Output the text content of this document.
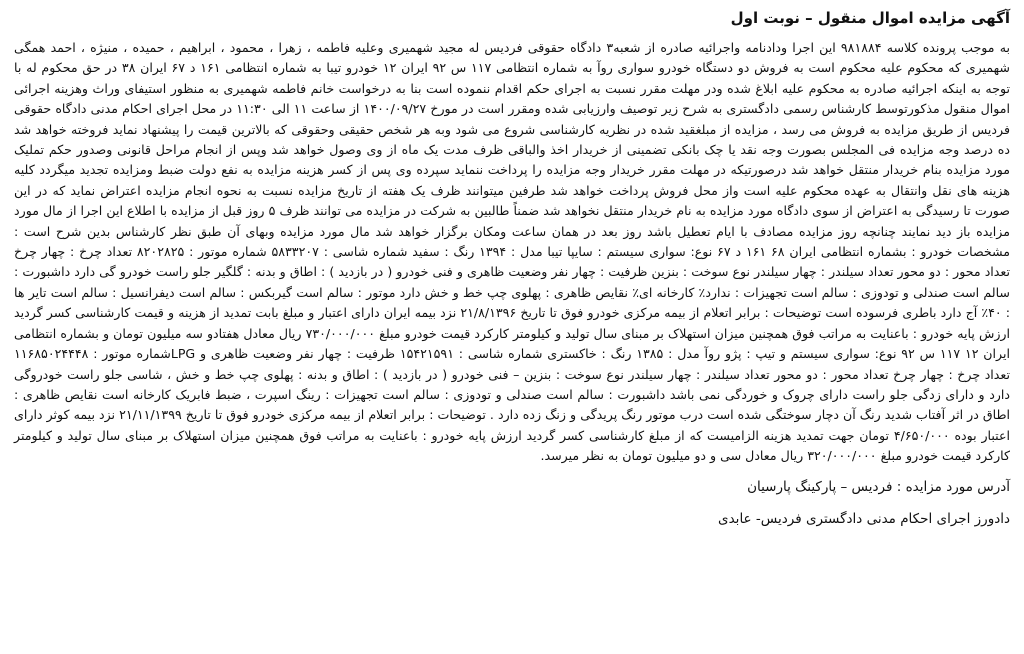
آگهی مزایده اموال منقول – نوبت اول

به موجب پرونده کلاسه ۹۸۱۸۸۴ این اجرا ودادنامه واجرائیه صادره از شعبه۳ دادگاه حقوقی فردیس له مجید شهمیری وعلیه فاطمه ، زهرا ، محمود ، ابراهیم ، حمیده ، منیژه ، احمد همگی شهمیری که محکوم علیه محکوم است به فروش دو دستگاه خودرو سواری روآ به شماره انتظامی ۱۱۷ س ۹۲ ایران ۱۲ خودرو تیبا به شماره انتظامی ۱۶۱ د ۶۷ ایران ۳۸ در حق محکوم له با توجه به اینکه اجرائیه صادره به محکوم علیه ابلاغ شده ودر مهلت مقرر نسبت به اجرای حکم اقدام ننموده است بنا به درخواست خانم فاطمه شهمیری به منظور استیفای وراث وهزینه اجرائی اموال منقول مذکورتوسط کارشناس رسمی دادگستری به شرح زیر توصیف وارزیابی شده ومقرر است در مورخ ۱۴۰۰/۰۹/۲۷ از ساعت ۱۱ الی ۱۱:۳۰ در محل اجرای احکام مدنی دادگاه حقوقی فردیس از طریق مزایده به فروش می رسد ، مزایده از مبلغقید شده در نظریه کارشناسی شروع می شود وبه هر شخص حقیقی وحقوقی که بالاترین قیمت را پیشنهاد نماید فروخته خواهد شد ده درصد وجه مزایده فی المجلس بصورت وجه نقد یا چک بانکی تضمینی از خریدار اخذ والباقی ظرف مدت یک ماه از وی وصول خواهد شد وپس از انجام مراحل قانونی وصدور حکم تملیک مورد مزایده بنام خریدار منتقل خواهد شد درصورتیکه در مهلت مقرر خریدار وجه مزایده را پرداخت ننماید سپرده وی پس از کسر هزینه مزایده به نفع دولت ضبط ومزایده تجدید میگردد کلیه هزینه های نقل وانتقال به عهده محکوم علیه است واز محل فروش پرداخت خواهد شد طرفین میتوانند ظرف یک هفته از تاریخ مزایده نسبت به نحوه انجام مزایده اعتراض نماید که در این صورت تا رسیدگی به اعتراض از سوی دادگاه مورد مزایده به نام خریدار منتقل نخواهد شد ضمناً طالبین به شرکت در مزایده می توانند ظرف ۵ روز قبل از مزایده با اطلاع این اجرا از مال مورد مزایده باز دید نمایند چنانچه روز مزایده مصادف با ایام تعطیل باشد روز بعد در همان ساعت ومکان برگزار خواهد شد مال مورد مزایده وبهای آن طبق نظر کارشناس بدین شرح است : مشخصات خودرو : بشماره انتظامی ایران ۶۸ ۱۶۱ د ۶۷ نوع: سواری سیستم : سایپا تیبا مدل : ۱۳۹۴ رنگ : سفید شماره شاسی : ۵۸۳۳۲۰۷ شماره موتور : ۸۲۰۲۸۲۵ تعداد چرخ : چهار چرخ تعداد محور : دو محور تعداد سیلندر : چهار سیلندر نوع سوخت : بنزین ظرفیت : چهار نفر وضعیت ظاهری و فنی خودرو ( در بازدید ) : اطاق و بدنه : گلگیر جلو راست خودرو گی دارد داشبورت : سالم است صندلی و تودوزی : سالم است تجهیزات : ندارد٪ کارخانه ای٪ نقایص ظاهری : پهلوی چپ خط و خش دارد موتور : سالم است گیربکس : سالم است دیفرانسیل : سالم است تایر ها : ۴۰٪ آج دارد باطری فرسوده است توضیحات : برابر اتعلام از بیمه مرکزی خودرو فوق تا تاریخ ۲۱/۸/۱۳۹۶ نزد بیمه ایران دارای اعتبار و مبلغ بابت تمدید از هزینه و قیمت کارشناسی کسر گردید ارزش پایه خودرو : باعنایت به مراتب فوق همچنین میزان استهلاک بر مبنای سال تولید و کیلومتر کارکرد قیمت خودرو مبلغ ۷۳۰/۰۰۰/۰۰۰ ریال معادل هفتادو سه میلیون تومان و بشماره انتظامی ایران ۱۲ ۱۱۷ س ۹۲ نوع: سواری سیستم و تیپ : پژو روآ مدل : ۱۳۸۵ رنگ : خاکستری شماره شاسی : ۱۵۴۲۱۵۹۱ ظرفیت : چهار نفر وضعیت ظاهری و LPGشماره موتور : ۱۱۶۸۵۰۲۴۴۴۸ تعداد چرخ : چهار چرخ تعداد محور : دو محور تعداد سیلندر : چهار سیلندر نوع سوخت : بنزین – فنی خودرو ( در بازدید ) : اطاق و بدنه : پهلوی چپ خط و خش ، شاسی جلو راست خودروگی دارد و دارای زدگی جلو راست دارای چروک و خوردگی نمی باشد داشبورت : سالم است صندلی و تودوزی : سالم است تجهیزات : رینگ اسپرت ، ضبط فابریک کارخانه است نقایص ظاهری : اطاق در اثر آفتاب شدید رنگ آن دچار سوختگی شده است درب موتور رنگ پریدگی و زنگ زده دارد . توضیحات : برابر اتعلام از بیمه مرکزی خودرو فوق تا تاریخ ۲۱/۱۱/۱۳۹۹ نزد بیمه کوثر دارای اعتبار بوده ۴/۶۵۰/۰۰۰ تومان جهت تمدید هزینه الزامیست که از مبلغ کارشناسی کسر گردید ارزش پایه خودرو : باعنایت به مراتب فوق همچنین میزان استهلاک بر مبنای سال تولید و کیلومتر کارکرد قیمت خودرو مبلغ ۳۲۰/۰۰۰/۰۰۰ ریال معادل سی و دو میلیون تومان به نظر میرسد.

آدرس مورد مزایده : فردیس – پارکینگ پارسیان

دادورز اجرای احکام مدنی دادگستری فردیس- عابدی
